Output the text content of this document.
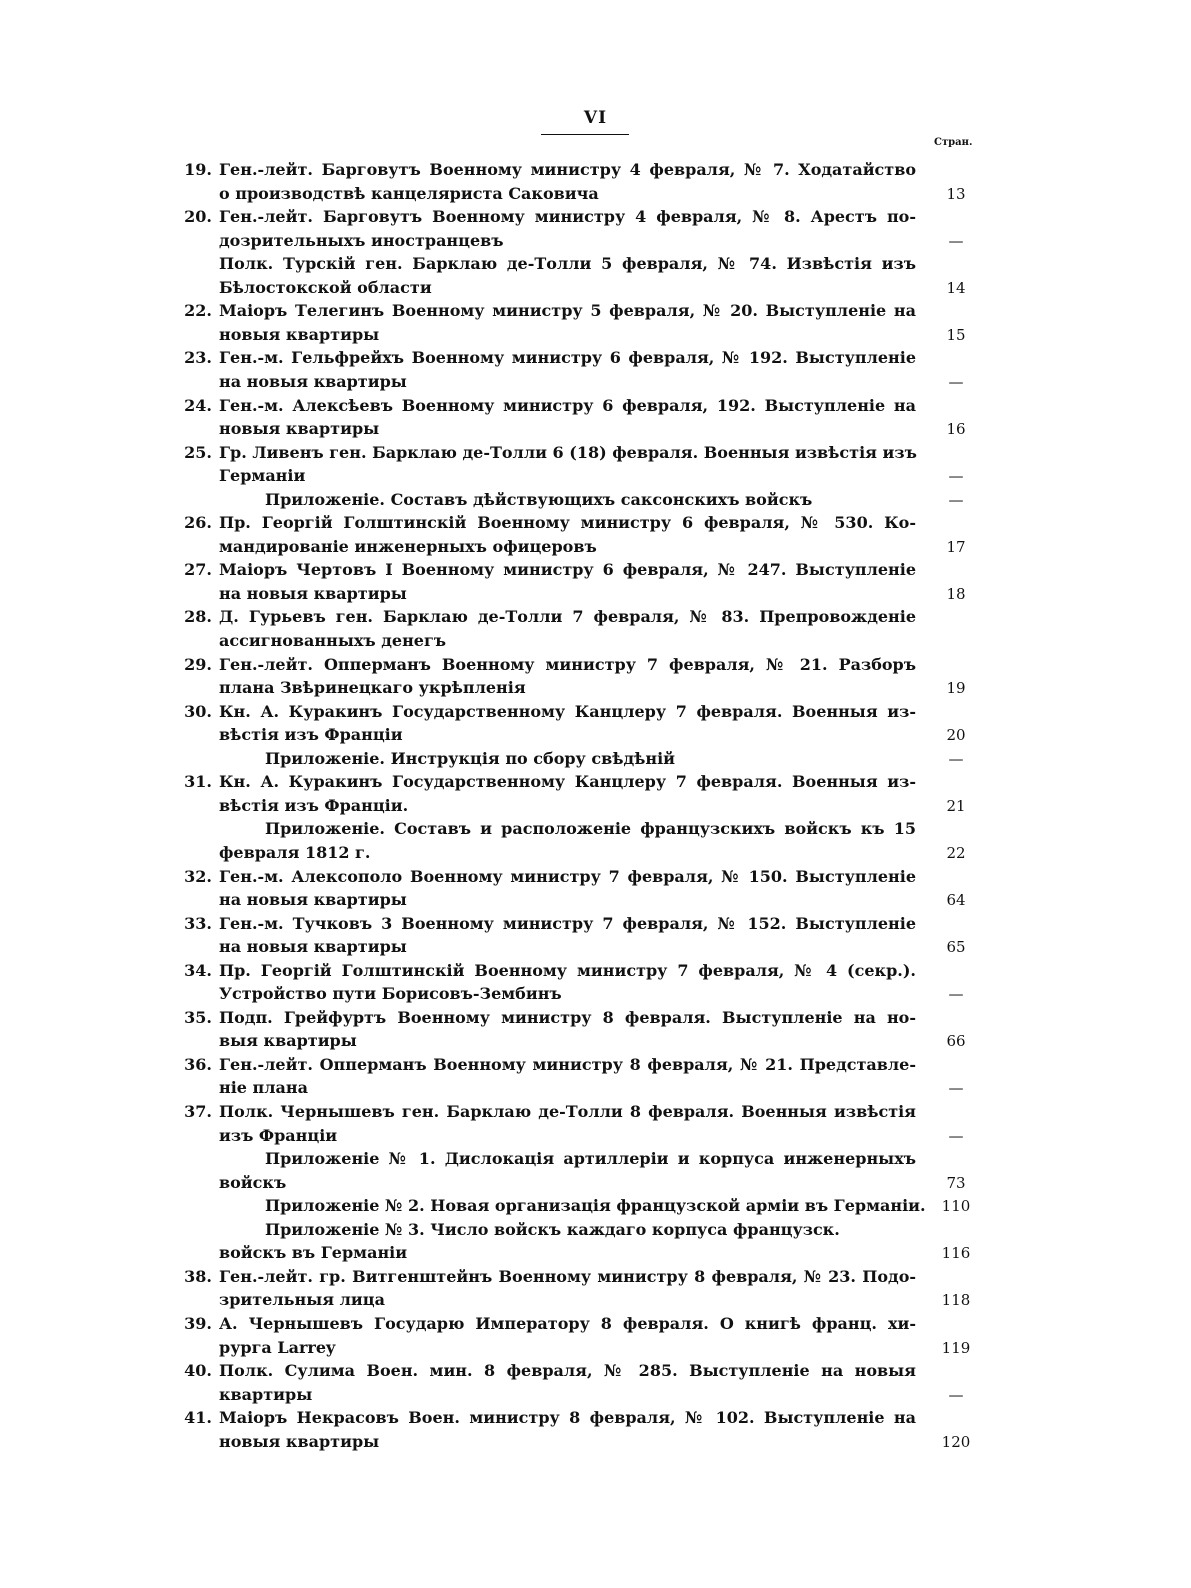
VI
Стран.
19. Ген.-лейт. Барговутъ Военному министру 4 февраля, № 7. Ходатайство
о производствѣ канцеляриста Саковича	13
20. Ген.-лейт. Барговутъ Военному министру 4 февраля, № 8. Арестъ по-
дозрительныхъ иностранцевъ	—
Полк. Турскій ген. Барклаю де-Толли 5 февраля, № 74. Извѣстія изъ
Бѣлостокской области	14
22. Маіоръ Телегинъ Военному министру 5 февраля, № 20. Выступленіе на
новыя квартиры	15
23. Ген.-м. Гельфрейхъ Военному министру 6 февраля, № 192. Выступленіе
на новыя квартиры	—
24. Ген.-м. Алексѣевъ Военному министру 6 февраля, 192. Выступленіе на
новыя квартиры	16
25. Гр. Ливенъ ген. Барклаю де-Толли 6 (18) февраля. Военныя извѣстія изъ
Германіи	—
Приложеніе. Составъ дѣйствующихъ саксонскихъ войскъ	—
26. Пр. Георгій Голштинскій Военному министру 6 февраля, № 530. Ко-
мандированіе инженерныхъ офицеровъ	17
27. Маіоръ Чертовъ I Военному министру 6 февраля, № 247. Выступленіе
на новыя квартиры	18
28. Д. Гурьевъ ген. Барклаю де-Толли 7 февраля, № 83. Препровожденіе
ассигнованныхъ денегъ
29. Ген.-лейт. Опперманъ Военному министру 7 февраля, № 21. Разборъ
плана Звѣринецкаго укрѣпленія	19
30. Кн. А. Куракинъ Государственному Канцлеру 7 февраля. Военныя из-
вѣстія изъ Франціи	20
Приложеніе. Инструкція по сбору свѣдѣній	—
31. Кн. А. Куракинъ Государственному Канцлеру 7 февраля. Военныя из-
вѣстія изъ Франціи.	21
Приложеніе. Составъ и расположеніе французскихъ войскъ къ 15
февраля 1812 г.	22
32. Ген.-м. Алексополо Военному министру 7 февраля, № 150. Выступленіе
на новыя квартиры	64
33. Ген.-м. Тучковъ 3 Военному министру 7 февраля, № 152. Выступленіе
на новыя квартиры	65
34. Пр. Георгій Голштинскій Военному министру 7 февраля, № 4 (секр.).
Устройство пути Борисовъ-Зембинъ	—
35. Подп. Грейфуртъ Военному министру 8 февраля. Выступленіе на но-
выя квартиры	66
36. Ген.-лейт. Опперманъ Военному министру 8 февраля, № 21. Представле-
ніе плана	—
37. Полк. Чернышевъ ген. Барклаю де-Толли 8 февраля. Военныя извѣстія
изъ Франціи	—
Приложеніе № 1. Дислокація артиллеріи и корпуса инженерныхъ
войскъ	73
Приложеніе № 2. Новая организація французской арміи въ Германіи.	110
Приложеніе № 3. Число войскъ каждаго корпуса французск.
войскъ въ Германіи	116
38. Ген.-лейт. гр. Витгенштейнъ Военному министру 8 февраля, № 23. Подо-
зрительныя лица	118
39. А. Чернышевъ Государю Императору 8 февраля. О книгѣ франц. хи-
рурга Larrey	119
40. Полк. Сулима Воен. мин. 8 февраля, № 285. Выступленіе на новыя
квартиры	—
41. Маіоръ Некрасовъ Воен. министру 8 февраля, № 102. Выступленіе на
новыя квартиры	120
